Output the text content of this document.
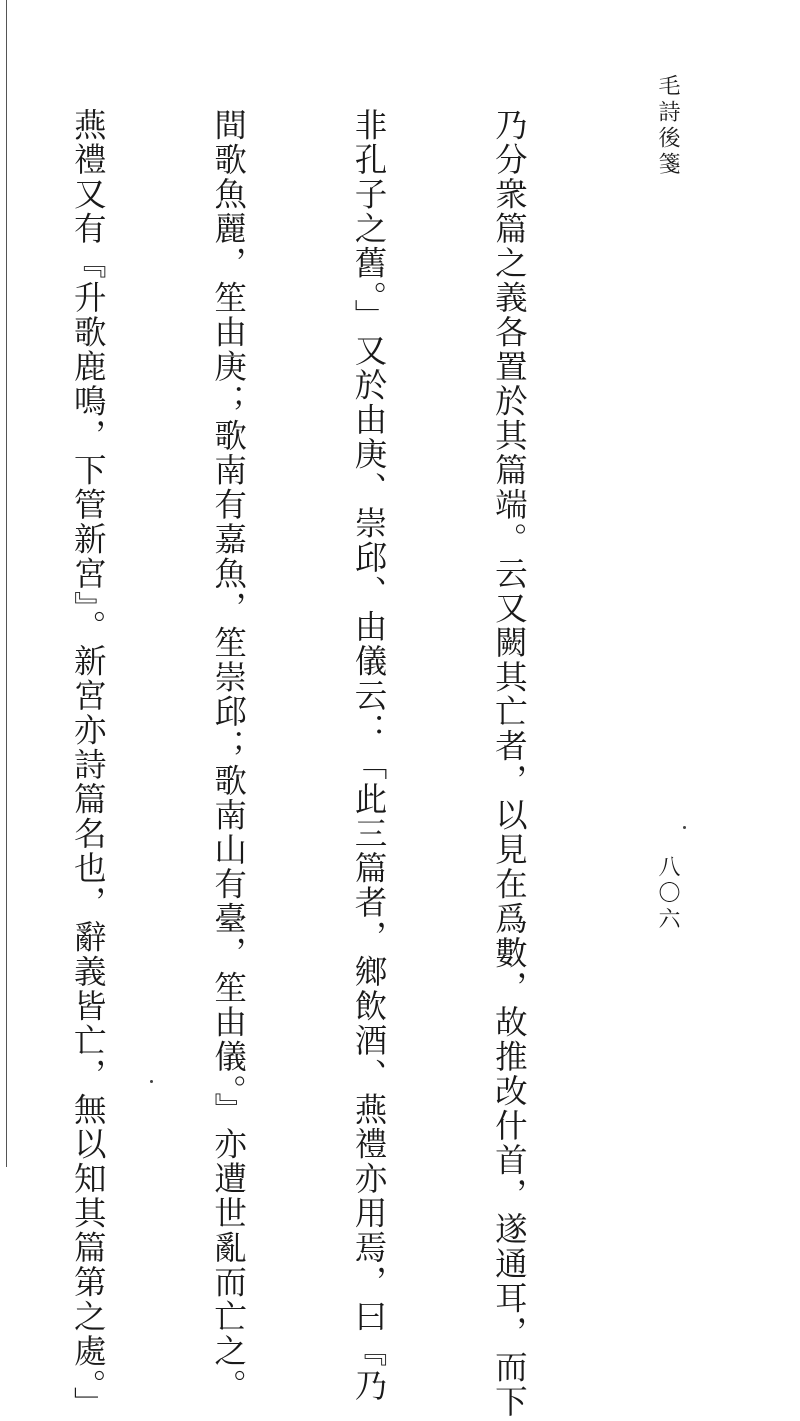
毛詩後箋
八〇六

乃分衆篇之義各置於其篇端。云又闕其亡者，以見在爲數，故推改什首，遂通耳，而下

非孔子之舊。」又於由庚、崇邱、由儀云：「此三篇者，鄉飲酒、燕禮亦用焉，曰『乃

間歌魚麗，笙由庚；歌南有嘉魚，笙崇邱；歌南山有臺，笙由儀。』亦遭世亂而亡之。

燕禮又有『升歌鹿鳴，下管新宮』。新宮亦詩篇名也，辭義皆亡，無以知其篇第之處。」
